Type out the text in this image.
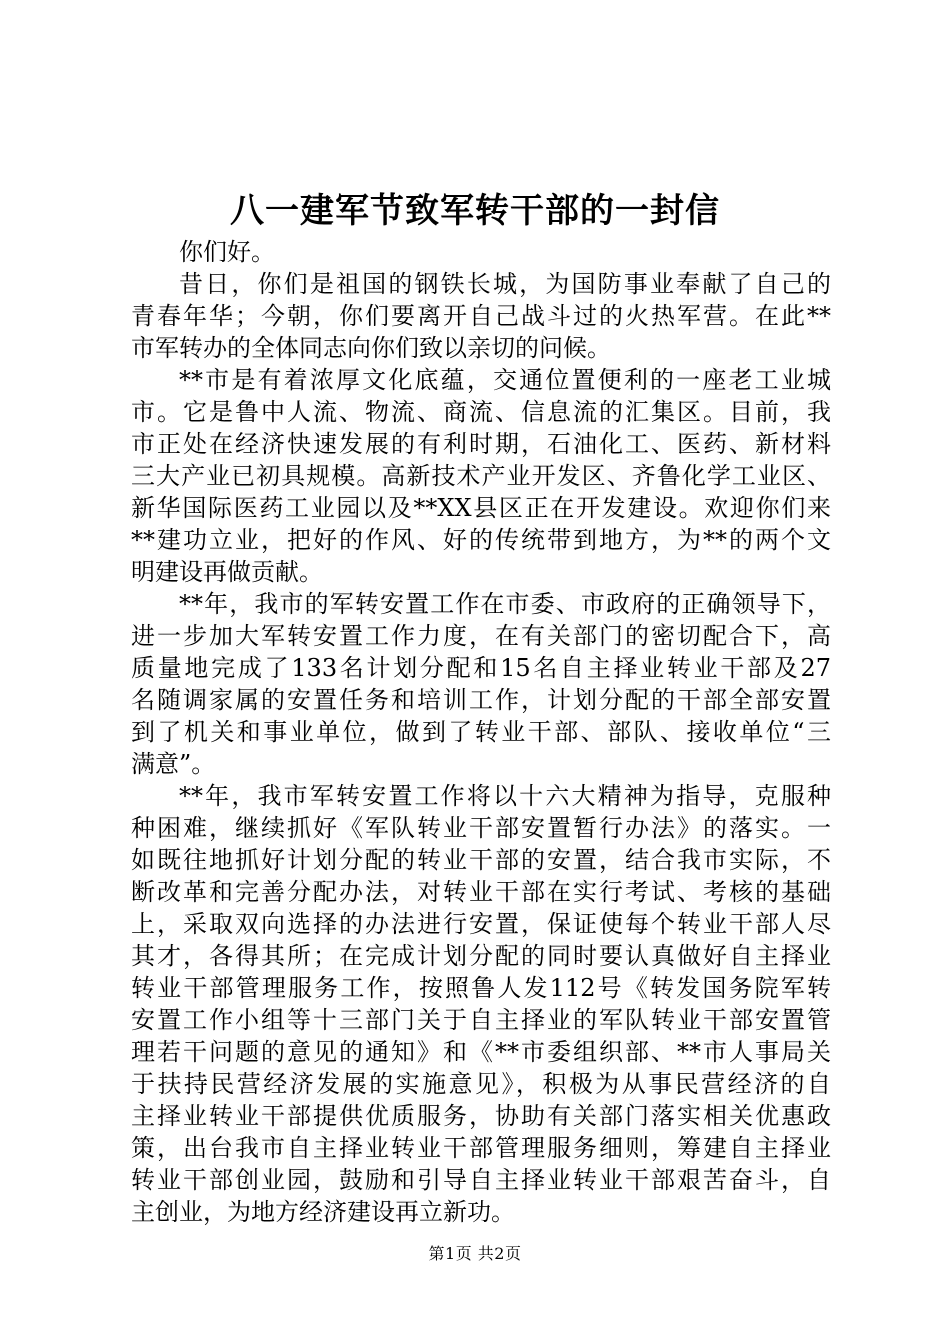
八一建军节致军转干部的一封信
你们好。
昔日，你们是祖国的钢铁长城，为国防事业奉献了自己的
青春年华；今朝，你们要离开自己战斗过的火热军营。在此**
市军转办的全体同志向你们致以亲切的问候。
**市是有着浓厚文化底蕴，交通位置便利的一座老工业城
市。它是鲁中人流、物流、商流、信息流的汇集区。目前，我
市正处在经济快速发展的有利时期，石油化工、医药、新材料
三大产业已初具规模。高新技术产业开发区、齐鲁化学工业区、
新华国际医药工业园以及**XX县区正在开发建设。欢迎你们来
**建功立业，把好的作风、好的传统带到地方，为**的两个文
明建设再做贡献。
**年，我市的军转安置工作在市委、市政府的正确领导下，
进一步加大军转安置工作力度，在有关部门的密切配合下，高
质量地完成了133名计划分配和15名自主择业转业干部及27
名随调家属的安置任务和培训工作，计划分配的干部全部安置
到了机关和事业单位，做到了转业干部、部队、接收单位“三
满意”。
**年，我市军转安置工作将以十六大精神为指导，克服种
种困难，继续抓好《军队转业干部安置暂行办法》的落实。一
如既往地抓好计划分配的转业干部的安置，结合我市实际，不
断改革和完善分配办法，对转业干部在实行考试、考核的基础
上，采取双向选择的办法进行安置，保证使每个转业干部人尽
其才，各得其所；在完成计划分配的同时要认真做好自主择业
转业干部管理服务工作，按照鲁人发112号《转发国务院军转
安置工作小组等十三部门关于自主择业的军队转业干部安置管
理若干问题的意见的通知》和《**市委组织部、**市人事局关
于扶持民营经济发展的实施意见》，积极为从事民营经济的自
主择业转业干部提供优质服务，协助有关部门落实相关优惠政
策，出台我市自主择业转业干部管理服务细则，筹建自主择业
转业干部创业园，鼓励和引导自主择业转业干部艰苦奋斗，自
主创业，为地方经济建设再立新功。
第1页 共2页
